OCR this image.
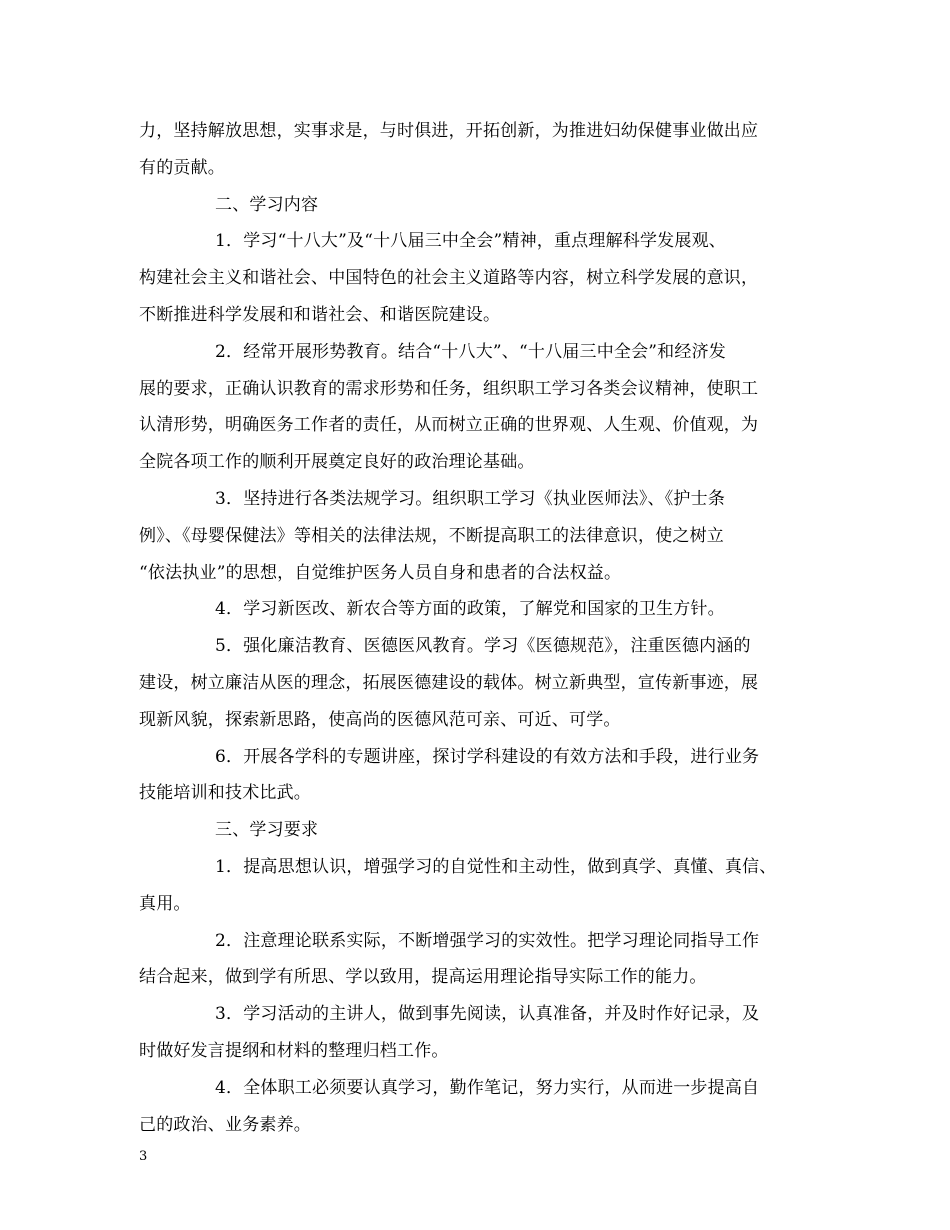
力，坚持解放思想，实事求是，与时俱进，开拓创新，为推进妇幼保健事业做出应
有的贡献。
二、学习内容
1．学习“十八大”及“十八届三中全会”精神，重点理解科学发展观、
构建社会主义和谐社会、中国特色的社会主义道路等内容，树立科学发展的意识，
不断推进科学发展和和谐社会、和谐医院建设。
2．经常开展形势教育。结合“十八大”、“十八届三中全会”和经济发
展的要求，正确认识教育的需求形势和任务，组织职工学习各类会议精神，使职工
认清形势，明确医务工作者的责任，从而树立正确的世界观、人生观、价值观，为
全院各项工作的顺利开展奠定良好的政治理论基础。
3．坚持进行各类法规学习。组织职工学习《执业医师法》、《护士条
例》、《母婴保健法》等相关的法律法规，不断提高职工的法律意识，使之树立
“依法执业”的思想，自觉维护医务人员自身和患者的合法权益。
4．学习新医改、新农合等方面的政策，了解党和国家的卫生方针。
5．强化廉洁教育、医德医风教育。学习《医德规范》，注重医德内涵的
建设，树立廉洁从医的理念，拓展医德建设的载体。树立新典型，宣传新事迹，展
现新风貌，探索新思路，使高尚的医德风范可亲、可近、可学。
6．开展各学科的专题讲座，探讨学科建设的有效方法和手段，进行业务
技能培训和技术比武。
三、学习要求
1．提高思想认识，增强学习的自觉性和主动性，做到真学、真懂、真信、
真用。
2．注意理论联系实际，不断增强学习的实效性。把学习理论同指导工作
结合起来，做到学有所思、学以致用，提高运用理论指导实际工作的能力。
3．学习活动的主讲人，做到事先阅读，认真准备，并及时作好记录，及
时做好发言提纲和材料的整理归档工作。
4．全体职工必须要认真学习，勤作笔记，努力实行，从而进一步提高自
己的政治、业务素养。
3
